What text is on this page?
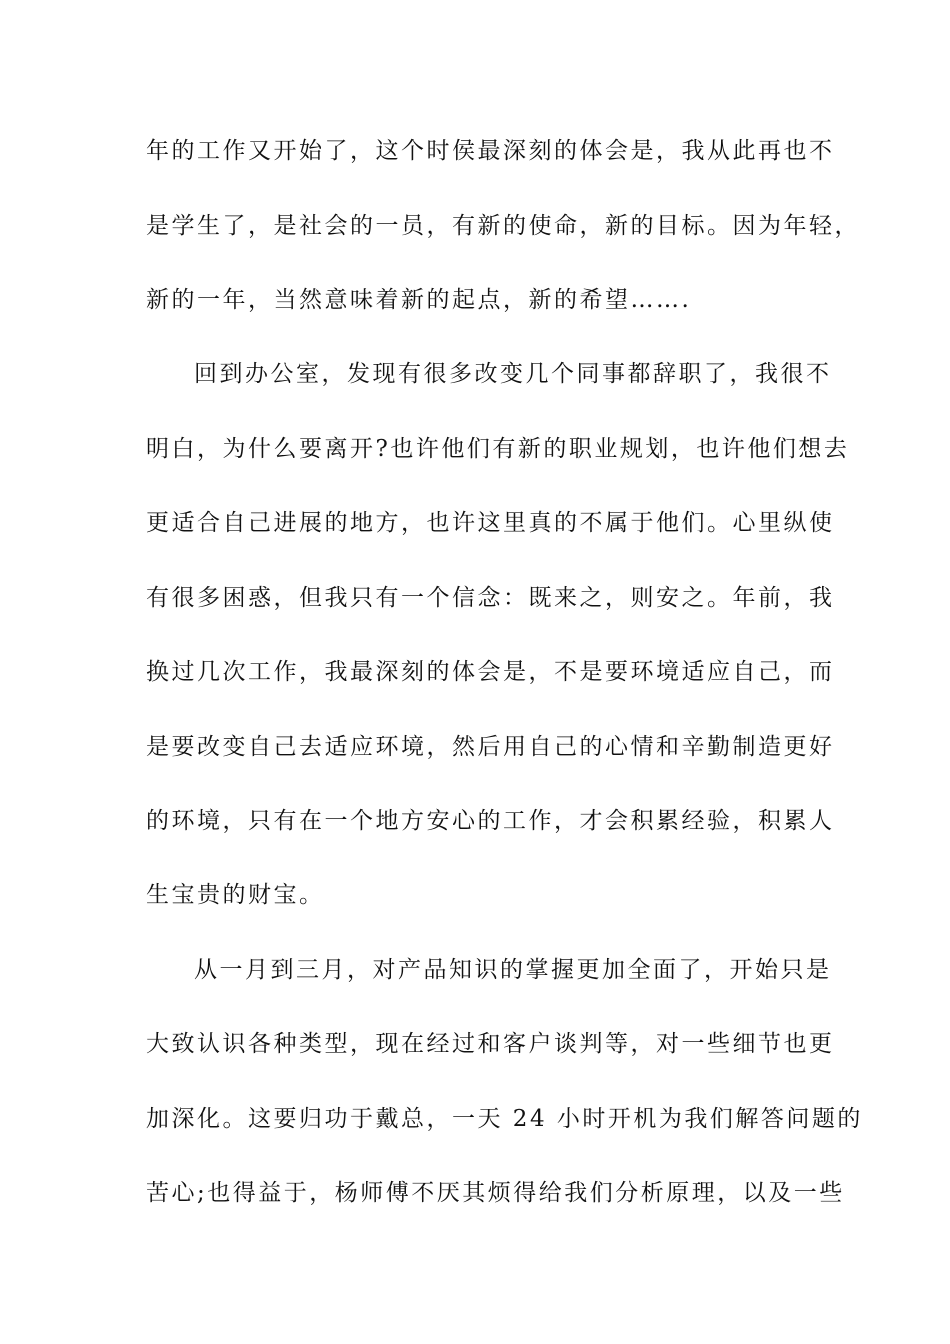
年的工作又开始了，这个时侯最深刻的体会是，我从此再也不
是学生了，是社会的一员，有新的使命，新的目标。因为年轻，
新的一年，当然意味着新的起点，新的希望…….
回到办公室，发现有很多改变几个同事都辞职了，我很不
明白，为什么要离开?也许他们有新的职业规划，也许他们想去
更适合自己进展的地方，也许这里真的不属于他们。心里纵使
有很多困惑，但我只有一个信念：既来之，则安之。年前，我
换过几次工作，我最深刻的体会是，不是要环境适应自己，而
是要改变自己去适应环境，然后用自己的心情和辛勤制造更好
的环境，只有在一个地方安心的工作，才会积累经验，积累人
生宝贵的财宝。
从一月到三月，对产品知识的掌握更加全面了，开始只是
大致认识各种类型，现在经过和客户谈判等，对一些细节也更
加深化。这要归功于戴总，一天 24 小时开机为我们解答问题的
苦心;也得益于，杨师傅不厌其烦得给我们分析原理，以及一些
